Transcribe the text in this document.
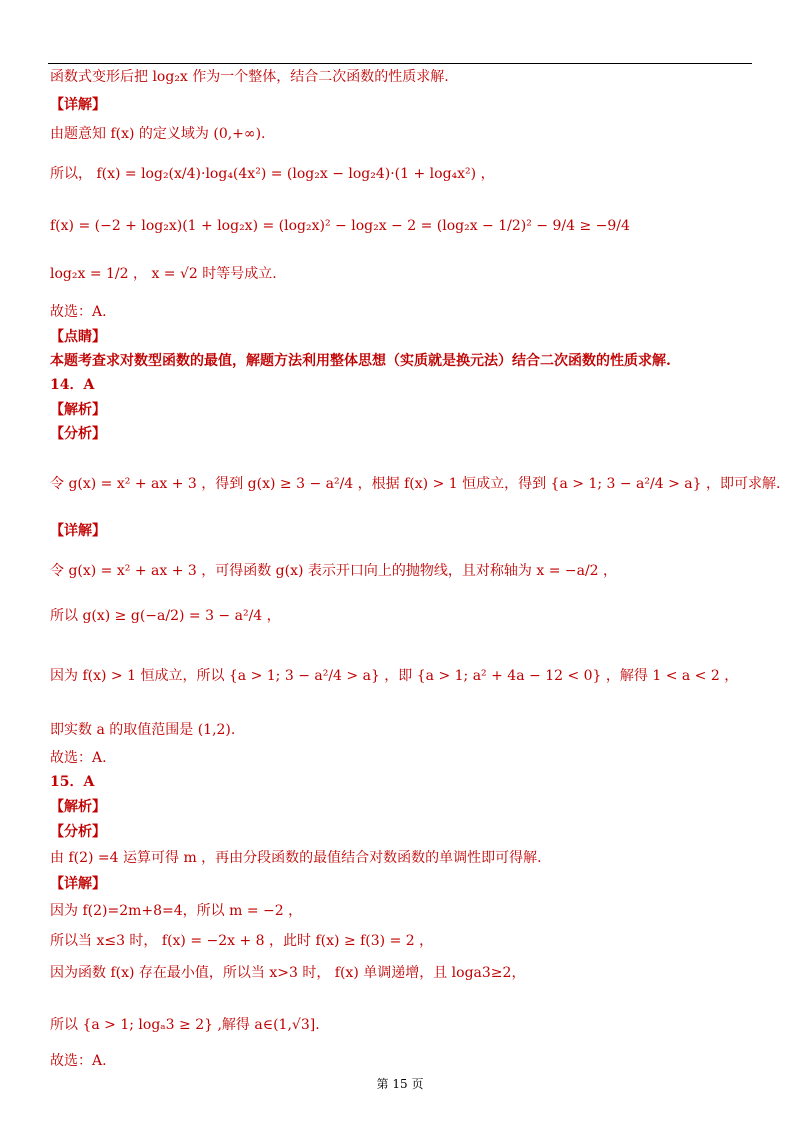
函数式变形后把 log₂x 作为一个整体，结合二次函数的性质求解.
【详解】
由题意知 f(x) 的定义域为 (0,+∞).
所以， f(x) = log₂(x/4)·log₄(4x²) = (log₂x − log₂4)·(1 + log₄x²) ，
f(x) = (−2 + log₂x)(1 + log₂x) = (log₂x)² − log₂x − 2 = (log₂x − 1/2)² − 9/4 ≥ −9/4
log₂x = 1/2 ， x = √2 时等号成立.
故选：A.
【点睛】
本题考查求对数型函数的最值，解题方法利用整体思想（实质就是换元法）结合二次函数的性质求解.
14．A
【解析】
【分析】
令 g(x) = x² + ax + 3 ，得到 g(x) ≥ 3 − a²/4 ，根据 f(x) > 1 恒成立，得到 {a > 1; 3 − a²/4 > a} ，即可求解.
【详解】
令 g(x) = x² + ax + 3 ，可得函数 g(x) 表示开口向上的抛物线，且对称轴为 x = −a/2 ，
所以 g(x) ≥ g(−a/2) = 3 − a²/4 ，
因为 f(x) > 1 恒成立，所以 {a > 1; 3 − a²/4 > a} ，即 {a > 1; a² + 4a − 12 < 0} ，解得 1 < a < 2 ，
即实数 a 的取值范围是 (1,2).
故选：A.
15．A
【解析】
【分析】
由 f(2) =4 运算可得 m ，再由分段函数的最值结合对数函数的单调性即可得解.
【详解】
因为 f(2)=2m+8=4，所以 m = −2 ，
所以当 x≤3 时， f(x) = −2x + 8 ，此时 f(x) ≥ f(3) = 2 ，
因为函数 f(x) 存在最小值，所以当 x>3 时， f(x) 单调递增，且 loga3≥2，
所以 {a > 1; logₐ3 ≥ 2} ,解得 a∈(1,√3].
故选：A.
第 15 页
